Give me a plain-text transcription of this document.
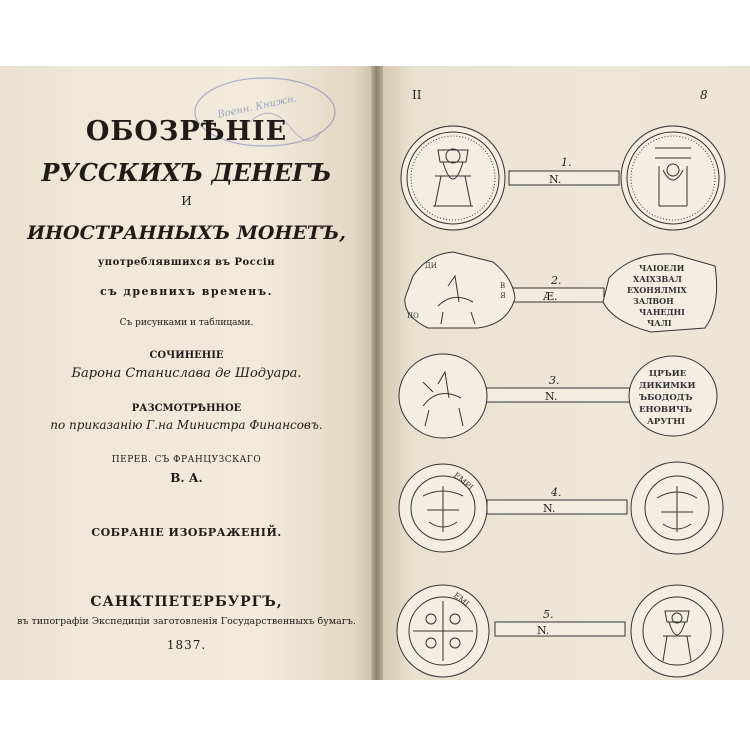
Военн. Книжн.
ОБОЗРѢНІЕ
РУССКИХЪ ДЕНЕГЪ
И
ИНОСТРАННЫХЪ МОНЕТЪ,
употреблявшихся въ Россіи
съ древнихъ временъ.
Съ рисунками и таблицами.
СОЧИНЕНІЕ
Барона Станислава де Шодуара.
РАЗСМОТРѢННОЕ
по приказанію Г.на Министра Финансовъ.
ПЕРЕВ. СЪ ФРАНЦУЗСКАГО
В. А.
СОБРАНІЕ ИЗОБРАЖЕНІЙ.
САНКТПЕТЕРБУРГЪ,
въ типографіи Экспедиціи заготовленія Государственныхъ бумагъ.
1837.
II	8
1.
N.
2.
Æ.
ДИ
В
Я
ПО
ЧАІОЕЛИ
ХАІХЗВАЛ
ЕХОНЯЛМІХ
ЗАЛВОН
ЧАНЕДНІ
ЧАЛІ
3.
N.
ЦРЪИЕ
ДИКИМКИ
ЪБОДОДЪ
ЕНОВИЧЪ
АРУГНІ
4.
N.
ЕМРІ
5.
N.
ЕМІ
